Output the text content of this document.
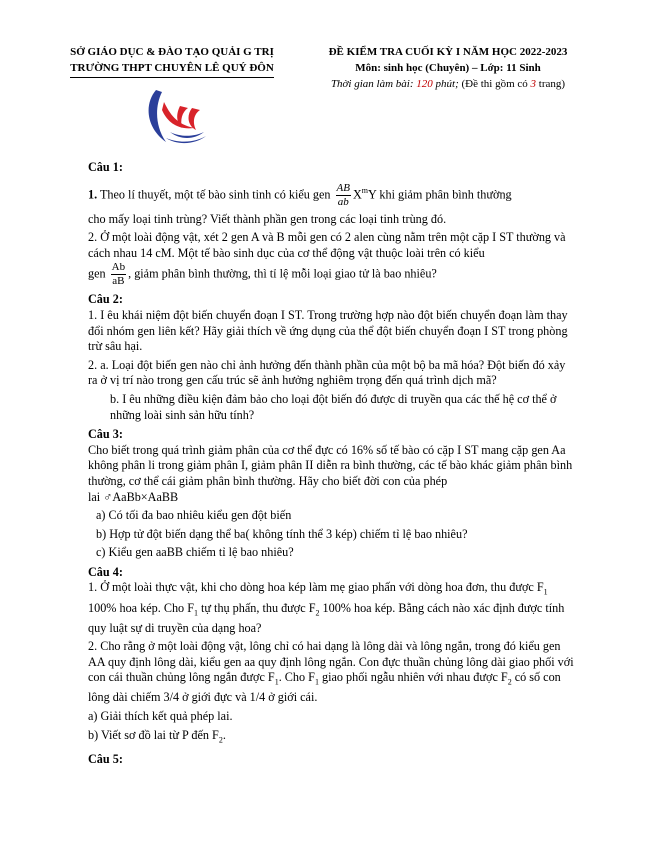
SỞ GIÁO DỤC & ĐÀO TẠO QUẢI G TRỊ
TRƯỜNG THPT CHUYÊN LÊ QUÝ ĐÔN
ĐỀ KIỂM TRA CUỐI KỲ I NĂM HỌC 2022-2023
Môn: sinh học (Chuyên) – Lớp: 11 Sinh
Thời gian làm bài: 120 phút; (Đề thi gồm có 3 trang)

Câu 1:

1. Theo lí thuyết, một tế bào sinh tinh có kiểu gen $\frac{AB}{ab} X^mY$ khi giảm phân bình thường

cho mấy loại tinh trùng? Viết thành phần gen trong các loại tinh trùng đó.

2. Ở một loài động vật, xét 2 gen A và B mỗi gen có 2 alen cùng nằm trên một cặp I ST thường và cách nhau 14 cM. Một tế bào sinh dục của cơ thể động vật thuộc loài trên có kiểu

gen $\frac{Ab}{aB}$ , giảm phân bình thường, thì tỉ lệ mỗi loại giao tử là bao nhiêu?

Câu 2:

1. I êu khái niệm đột biến chuyển đoạn I ST. Trong trường hợp nào đột biến chuyển đoạn làm thay đổi nhóm gen liên kết? Hãy giải thích về ứng dụng của thể đột biến chuyển đoạn I ST trong phòng trừ sâu hại.

2. a. Loại đột biến gen nào chỉ ảnh hưởng đến thành phần của một bộ ba mã hóa? Đột biến đó xảy ra ở vị trí nào trong gen cấu trúc sẽ ảnh hưởng nghiêm trọng đến quá trình dịch mã?

b. I êu những điều kiện đảm bảo cho loại đột biến đó được di truyền qua các thế hệ cơ thể ở những loài sinh sản hữu tính?

Câu 3:

Cho biết trong quá trình giảm phân của cơ thể đực có 16% số tế bào có cặp I ST mang cặp gen Aa không phân li trong giảm phân I, giảm phân II diễn ra bình thường, các tế bào khác giảm phân bình thường, cơ thể cái giảm phân bình thường. Hãy cho biết đời con của phép

lai ♂AaBb×AaBB

a) Có tối đa bao nhiêu kiểu gen đột biến

b) Hợp tử đột biến dạng thể ba( không tính thể 3 kép) chiếm tỉ lệ bao nhiêu?

c) Kiểu gen aaBB chiếm tỉ lệ bao nhiêu?

Câu 4:

1. Ở một loài thực vật, khi cho dòng hoa kép làm mẹ giao phấn với dòng hoa đơn, thu được $F_1$ 100% hoa kép. Cho $F_1$ tự thụ phấn, thu được $F_2$ 100% hoa kép. Bằng cách nào xác định được tính quy luật sự di truyền của dạng hoa?

2. Cho rằng ở một loài động vật, lông chỉ có hai dạng là lông dài và lông ngắn, trong đó kiểu gen AA quy định lông dài, kiểu gen aa quy định lông ngắn. Con đực thuần chủng lông dài giao phối với con cái thuần chủng lông ngắn được $F_1$. Cho $F_1$ giao phối ngẫu nhiên với nhau được $F_2$ có số con lông dài chiếm 3/4 ở giới đực và 1/4 ở giới cái.

a) Giải thích kết quả phép lai.

b) Viết sơ đồ lai từ P đến $F_2$.

Câu 5:
